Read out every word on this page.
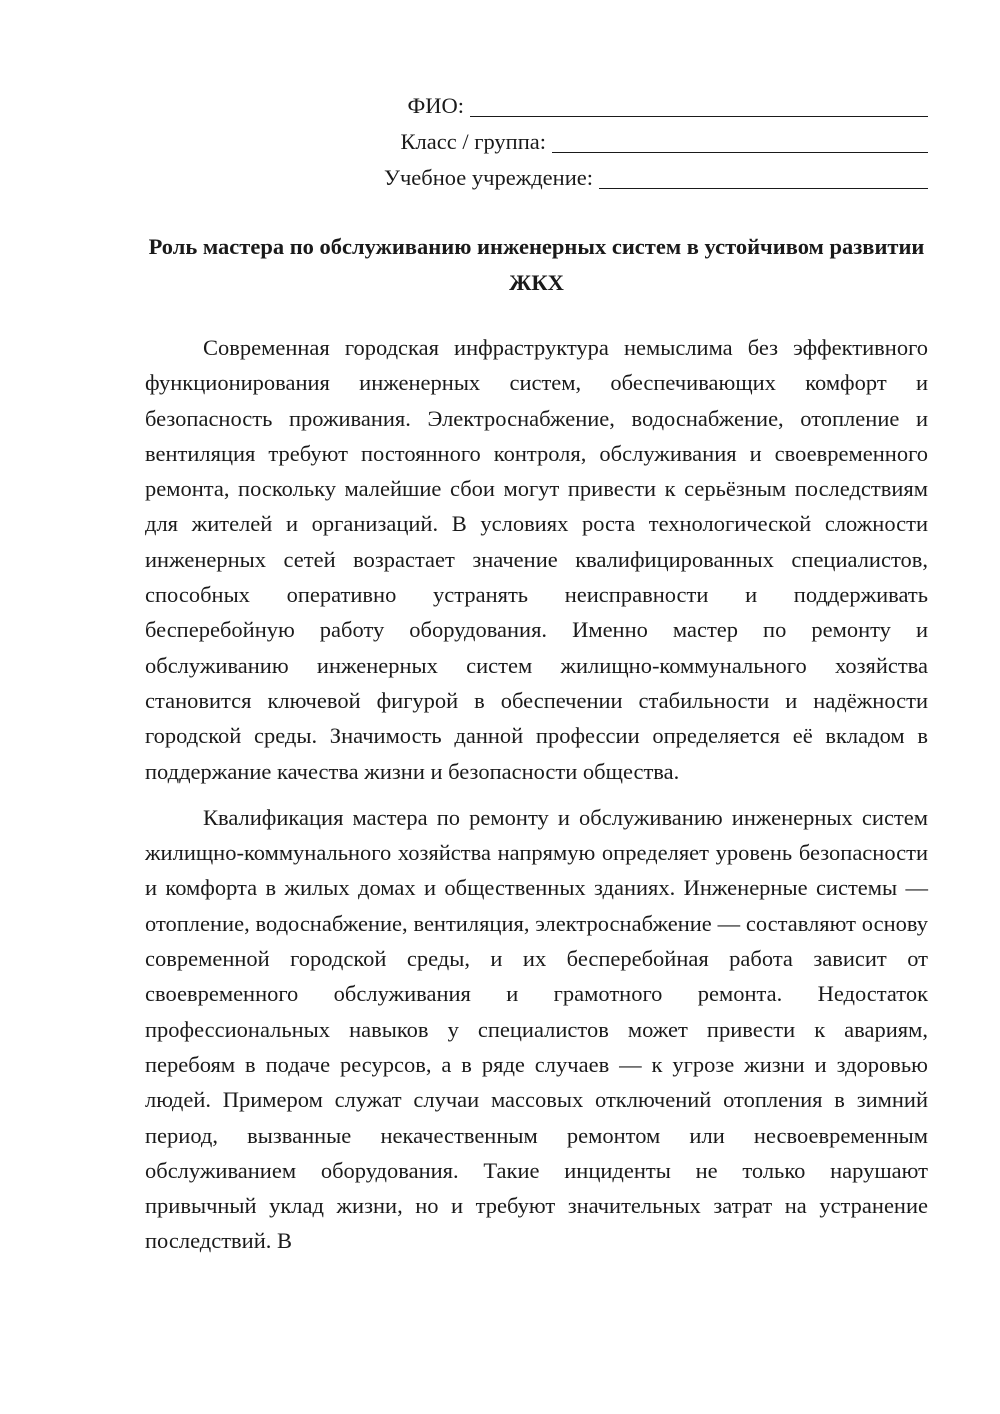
ФИО:
Класс / группа:
Учебное учреждение:
Роль мастера по обслуживанию инженерных систем в устойчивом развитии ЖКХ

Современная городская инфраструктура немыслима без эффективного функционирования инженерных систем, обеспечивающих комфорт и безопасность проживания. Электроснабжение, водоснабжение, отопление и вентиляция требуют постоянного контроля, обслуживания и своевременного ремонта, поскольку малейшие сбои могут привести к серьёзным последствиям для жителей и организаций. В условиях роста технологической сложности инженерных сетей возрастает значение квалифицированных специалистов, способных оперативно устранять неисправности и поддерживать бесперебойную работу оборудования. Именно мастер по ремонту и обслуживанию инженерных систем жилищно-коммунального хозяйства становится ключевой фигурой в обеспечении стабильности и надёжности городской среды. Значимость данной профессии определяется её вкладом в поддержание качества жизни и безопасности общества.

Квалификация мастера по ремонту и обслуживанию инженерных систем жилищно-коммунального хозяйства напрямую определяет уровень безопасности и комфорта в жилых домах и общественных зданиях. Инженерные системы — отопление, водоснабжение, вентиляция, электроснабжение — составляют основу современной городской среды, и их бесперебойная работа зависит от своевременного обслуживания и грамотного ремонта. Недостаток профессиональных навыков у специалистов может привести к авариям, перебоям в подаче ресурсов, а в ряде случаев — к угрозе жизни и здоровью людей. Примером служат случаи массовых отключений отопления в зимний период, вызванные некачественным ремонтом или несвоевременным обслуживанием оборудования. Такие инциденты не только нарушают привычный уклад жизни, но и требуют значительных затрат на устранение последствий. В
